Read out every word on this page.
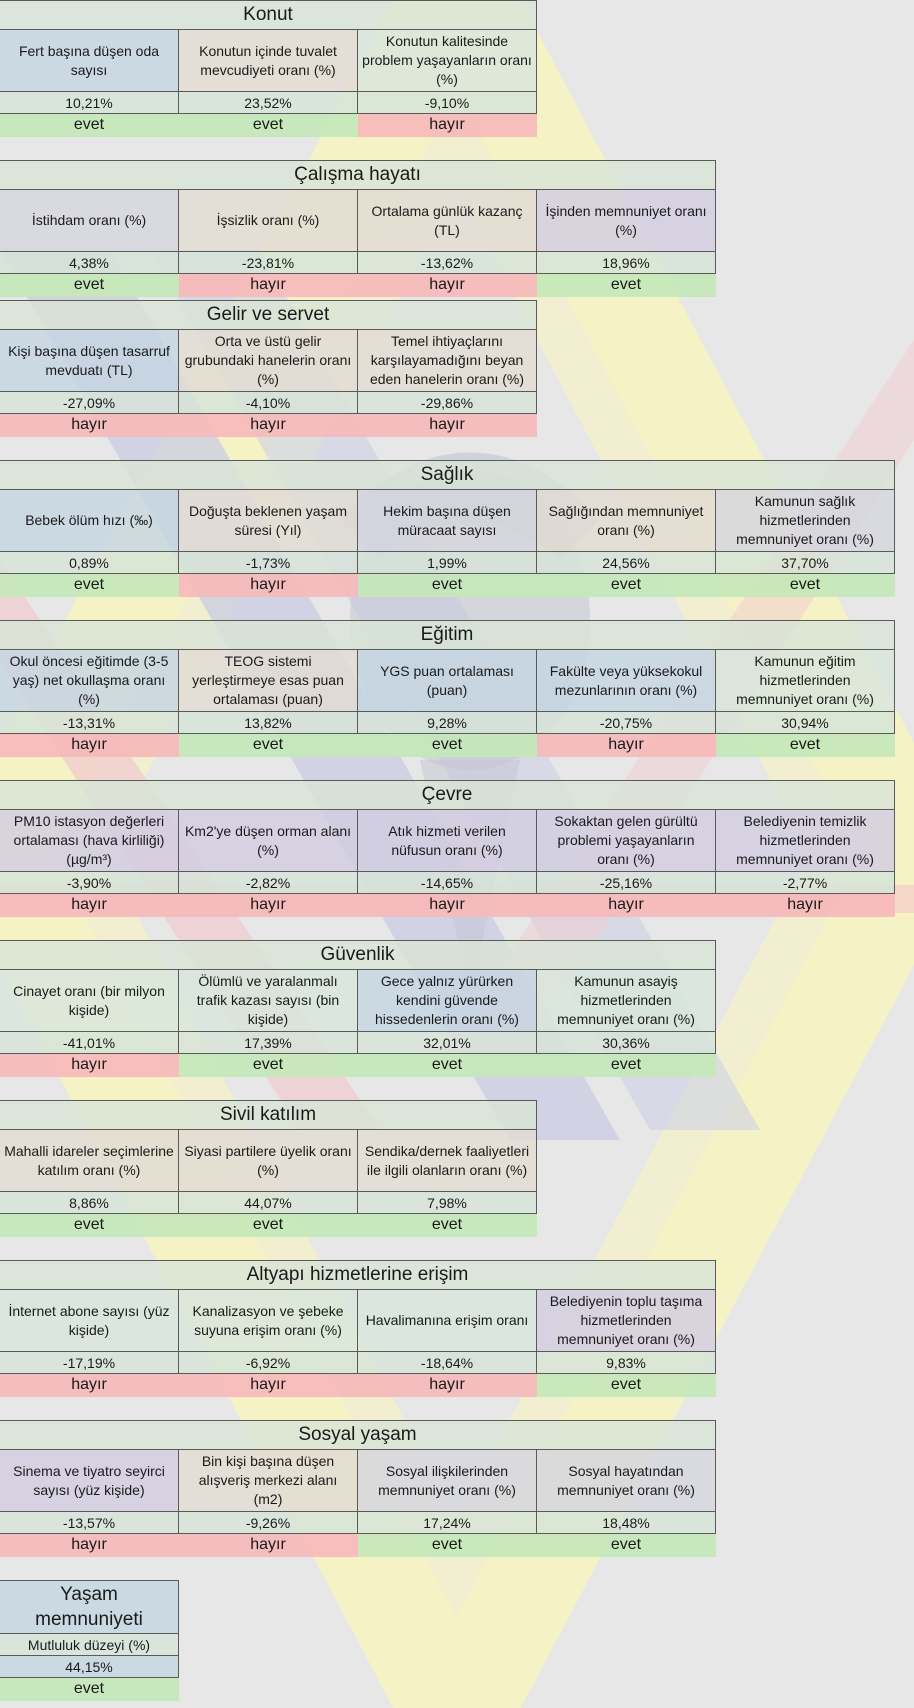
Konut		
Fert başına düşen oda sayısı	Konutun içinde tuvalet mevcudiyeti oranı (%)	Konutun kalitesinde problem yaşayanların oranı (%)
10,21%	23,52%	-9,10%
evet	evet	hayır
Çalışma hayatı			
İstihdam oranı (%)	İşsizlik oranı (%)	Ortalama günlük kazanç (TL)	İşinden memnuniyet oranı (%)
4,38%	-23,81%	-13,62%	18,96%
evet	hayır	hayır	evet
Gelir ve servet		
Kişi başına düşen tasarruf mevduatı (TL)	Orta ve üstü gelir grubundaki hanelerin oranı (%)	Temel ihtiyaçlarını karşılayamadığını beyan eden hanelerin oranı (%)
-27,09%	-4,10%	-29,86%
hayır	hayır	hayır
Sağlık				
Bebek ölüm hızı (‰)	Doğuşta beklenen yaşam süresi (Yıl)	Hekim başına düşen müracaat sayısı	Sağlığından memnuniyet oranı (%)	Kamunun sağlık hizmetlerinden memnuniyet oranı (%)
0,89%	-1,73%	1,99%	24,56%	37,70%
evet	hayır	evet	evet	evet
Eğitim				
Okul öncesi eğitimde (3-5 yaş) net okullaşma oranı (%)	TEOG sistemi yerleştirmeye esas puan ortalaması (puan)	YGS puan ortalaması (puan)	Fakülte veya yüksekokul mezunlarının oranı (%)	Kamunun eğitim hizmetlerinden memnuniyet oranı (%)
-13,31%	13,82%	9,28%	-20,75%	30,94%
hayır	evet	evet	hayır	evet
Çevre				
PM10 istasyon değerleri ortalaması (hava kirliliği) (µg/m³)	Km2'ye düşen orman alanı (%)	Atık hizmeti verilen nüfusun oranı (%)	Sokaktan gelen gürültü problemi yaşayanların oranı (%)	Belediyenin temizlik hizmetlerinden memnuniyet oranı (%)
-3,90%	-2,82%	-14,65%	-25,16%	-2,77%
hayır	hayır	hayır	hayır	hayır
Güvenlik			
Cinayet oranı (bir milyon kişide)	Ölümlü ve yaralanmalı trafik kazası sayısı (bin kişide)	Gece yalnız yürürken kendini güvende hissedenlerin oranı (%)	Kamunun asayiş hizmetlerinden memnuniyet oranı (%)
-41,01%	17,39%	32,01%	30,36%
hayır	evet	evet	evet
Sivil katılım		
Mahalli idareler seçimlerine katılım oranı (%)	Siyasi partilere üyelik oranı (%)	Sendika/dernek faaliyetleri ile ilgili olanların oranı (%)
8,86%	44,07%	7,98%
evet	evet	evet
Altyapı hizmetlerine erişim			
İnternet abone sayısı (yüz kişide)	Kanalizasyon ve şebeke suyuna erişim oranı (%)	Havalimanına erişim oranı	Belediyenin toplu taşıma hizmetlerinden memnuniyet oranı (%)
-17,19%	-6,92%	-18,64%	9,83%
hayır	hayır	hayır	evet
Sosyal yaşam			
Sinema ve tiyatro seyirci sayısı (yüz kişide)	Bin kişi başına düşen alışveriş merkezi alanı (m2)	Sosyal ilişkilerinden memnuniyet oranı (%)	Sosyal hayatından memnuniyet oranı (%)
-13,57%	-9,26%	17,24%	18,48%
hayır	hayır	evet	evet
Yaşam memnuniyeti
Mutluluk düzeyi (%)
44,15%
evet
